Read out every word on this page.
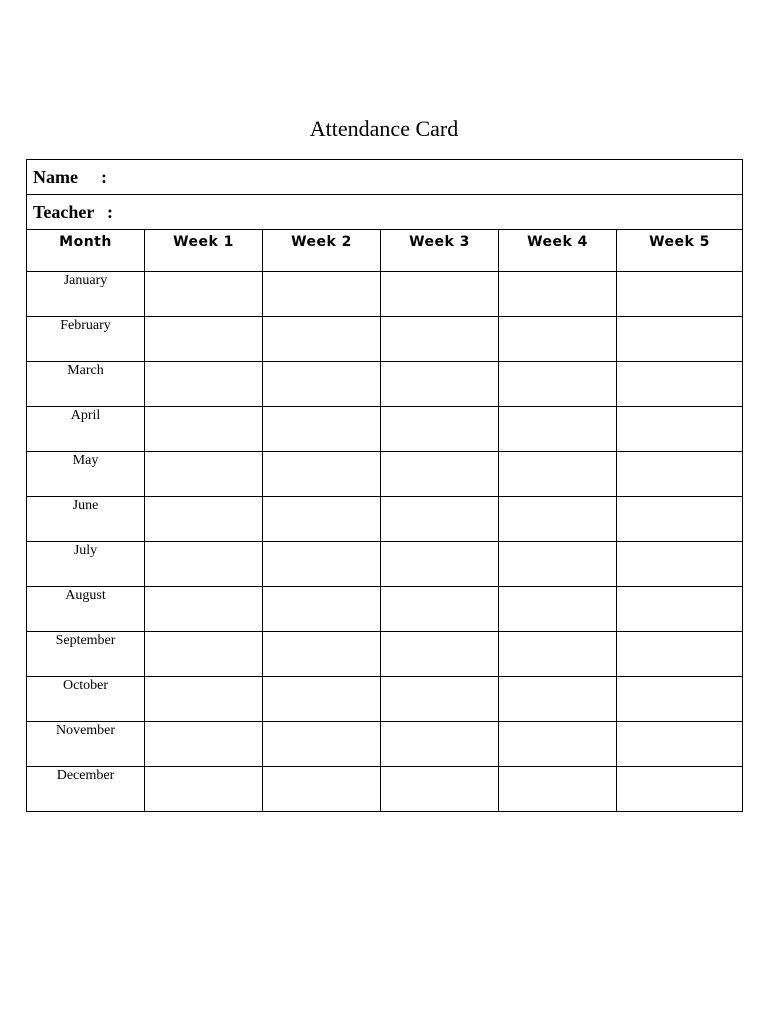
Attendance Card
Name :					
Teacher :					
Month	Week 1	Week 2	Week 3	Week 4	Week 5
January					
February					
March					
April					
May					
June					
July					
August					
September					
October					
November					
December					
